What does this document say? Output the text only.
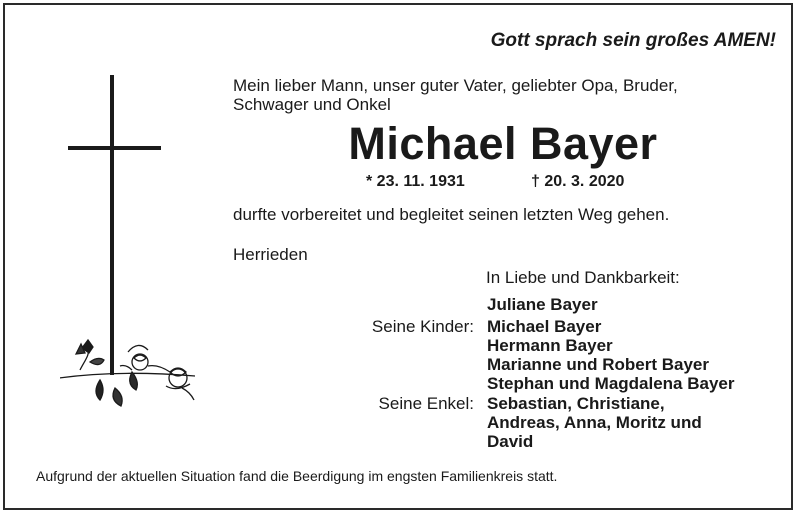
Gott sprach sein großes AMEN!
Mein lieber Mann, unser guter Vater, geliebter Opa, Bruder,
Schwager und Onkel
Michael Bayer
* 23. 11. 1931	† 20. 3. 2020
durfte vorbereitet und begleitet seinen letzten Weg gehen.
Herrieden
In Liebe und Dankbarkeit:
Juliane Bayer
Seine Kinder: Michael Bayer
Hermann Bayer
Marianne und Robert Bayer
Stephan und Magdalena Bayer
Seine Enkel: Sebastian, Christiane,
Andreas, Anna, Moritz und
David
Aufgrund der aktuellen Situation fand die Beerdigung im engsten Familienkreis statt.
